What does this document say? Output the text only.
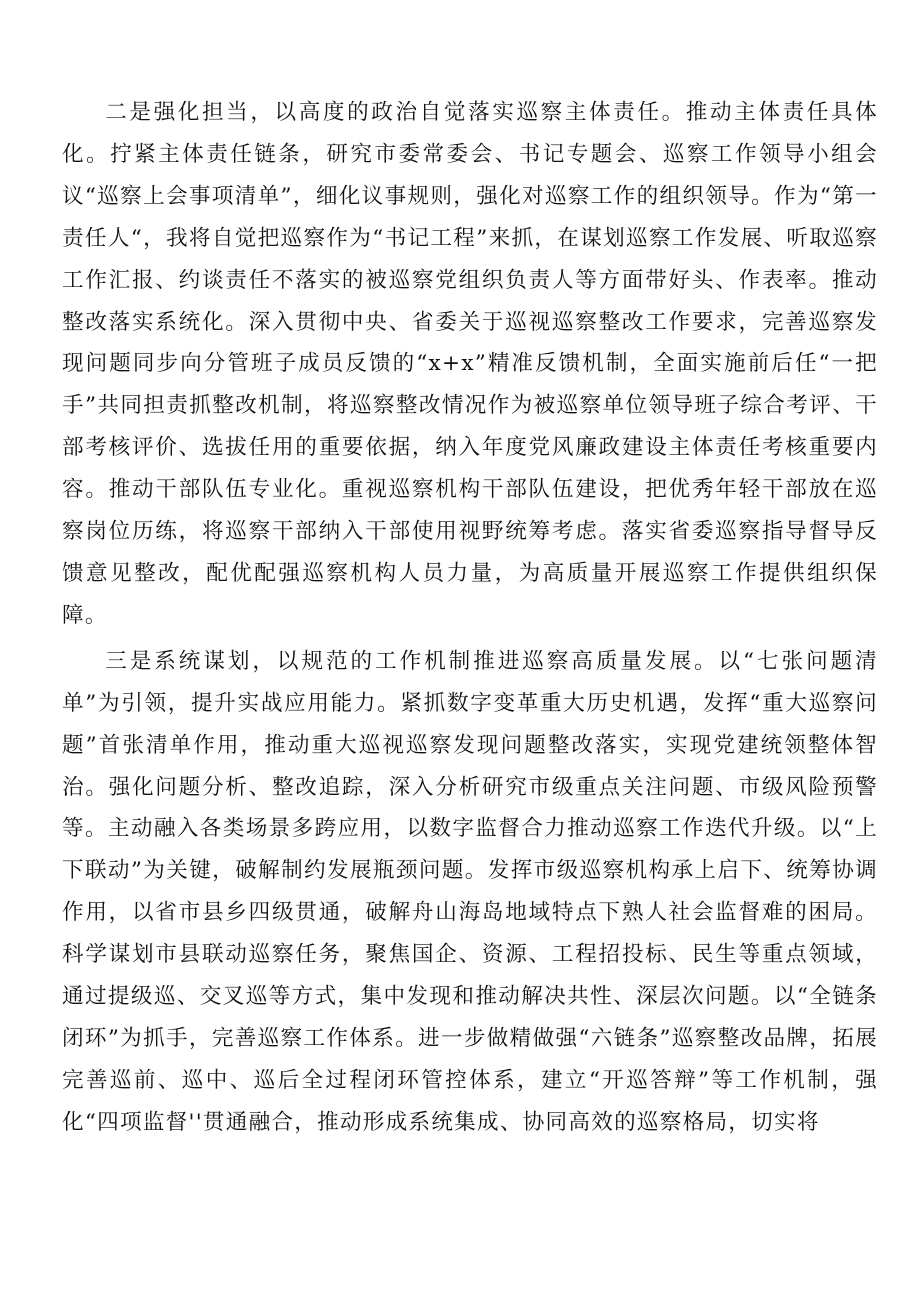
二是强化担当，以高度的政治自觉落实巡察主体责任。推动主体责任具体化。拧紧主体责任链条，研究市委常委会、书记专题会、巡察工作领导小组会议“巡察上会事项清单”，细化议事规则，强化对巡察工作的组织领导。作为“第一责任人“，我将自觉把巡察作为“书记工程”来抓，在谋划巡察工作发展、听取巡察工作汇报、约谈责任不落实的被巡察党组织负责人等方面带好头、作表率。推动整改落实系统化。深入贯彻中央、省委关于巡视巡察整改工作要求，完善巡察发现问题同步向分管班子成员反馈的“x+x”精准反馈机制，全面实施前后任“一把手”共同担责抓整改机制，将巡察整改情况作为被巡察单位领导班子综合考评、干部考核评价、选拔任用的重要依据，纳入年度党风廉政建设主体责任考核重要内容。推动干部队伍专业化。重视巡察机构干部队伍建设，把优秀年轻干部放在巡察岗位历练，将巡察干部纳入干部使用视野统筹考虑。落实省委巡察指导督导反馈意见整改，配优配强巡察机构人员力量，为高质量开展巡察工作提供组织保障。

三是系统谋划，以规范的工作机制推进巡察高质量发展。以“七张问题清单”为引领，提升实战应用能力。紧抓数字变革重大历史机遇，发挥“重大巡察问题”首张清单作用，推动重大巡视巡察发现问题整改落实，实现党建统领整体智治。强化问题分析、整改追踪，深入分析研究市级重点关注问题、市级风险预警等。主动融入各类场景多跨应用，以数字监督合力推动巡察工作迭代升级。以“上下联动”为关键，破解制约发展瓶颈问题。发挥市级巡察机构承上启下、统筹协调作用，以省市县乡四级贯通，破解舟山海岛地域特点下熟人社会监督难的困局。科学谋划市县联动巡察任务，聚焦国企、资源、工程招投标、民生等重点领域，通过提级巡、交叉巡等方式，集中发现和推动解决共性、深层次问题。以“全链条闭环”为抓手，完善巡察工作体系。进一步做精做强“六链条”巡察整改品牌，拓展完善巡前、巡中、巡后全过程闭环管控体系，建立“开巡答辩”等工作机制，强化“四项监督''贯通融合，推动形成系统集成、协同高效的巡察格局，切实将
